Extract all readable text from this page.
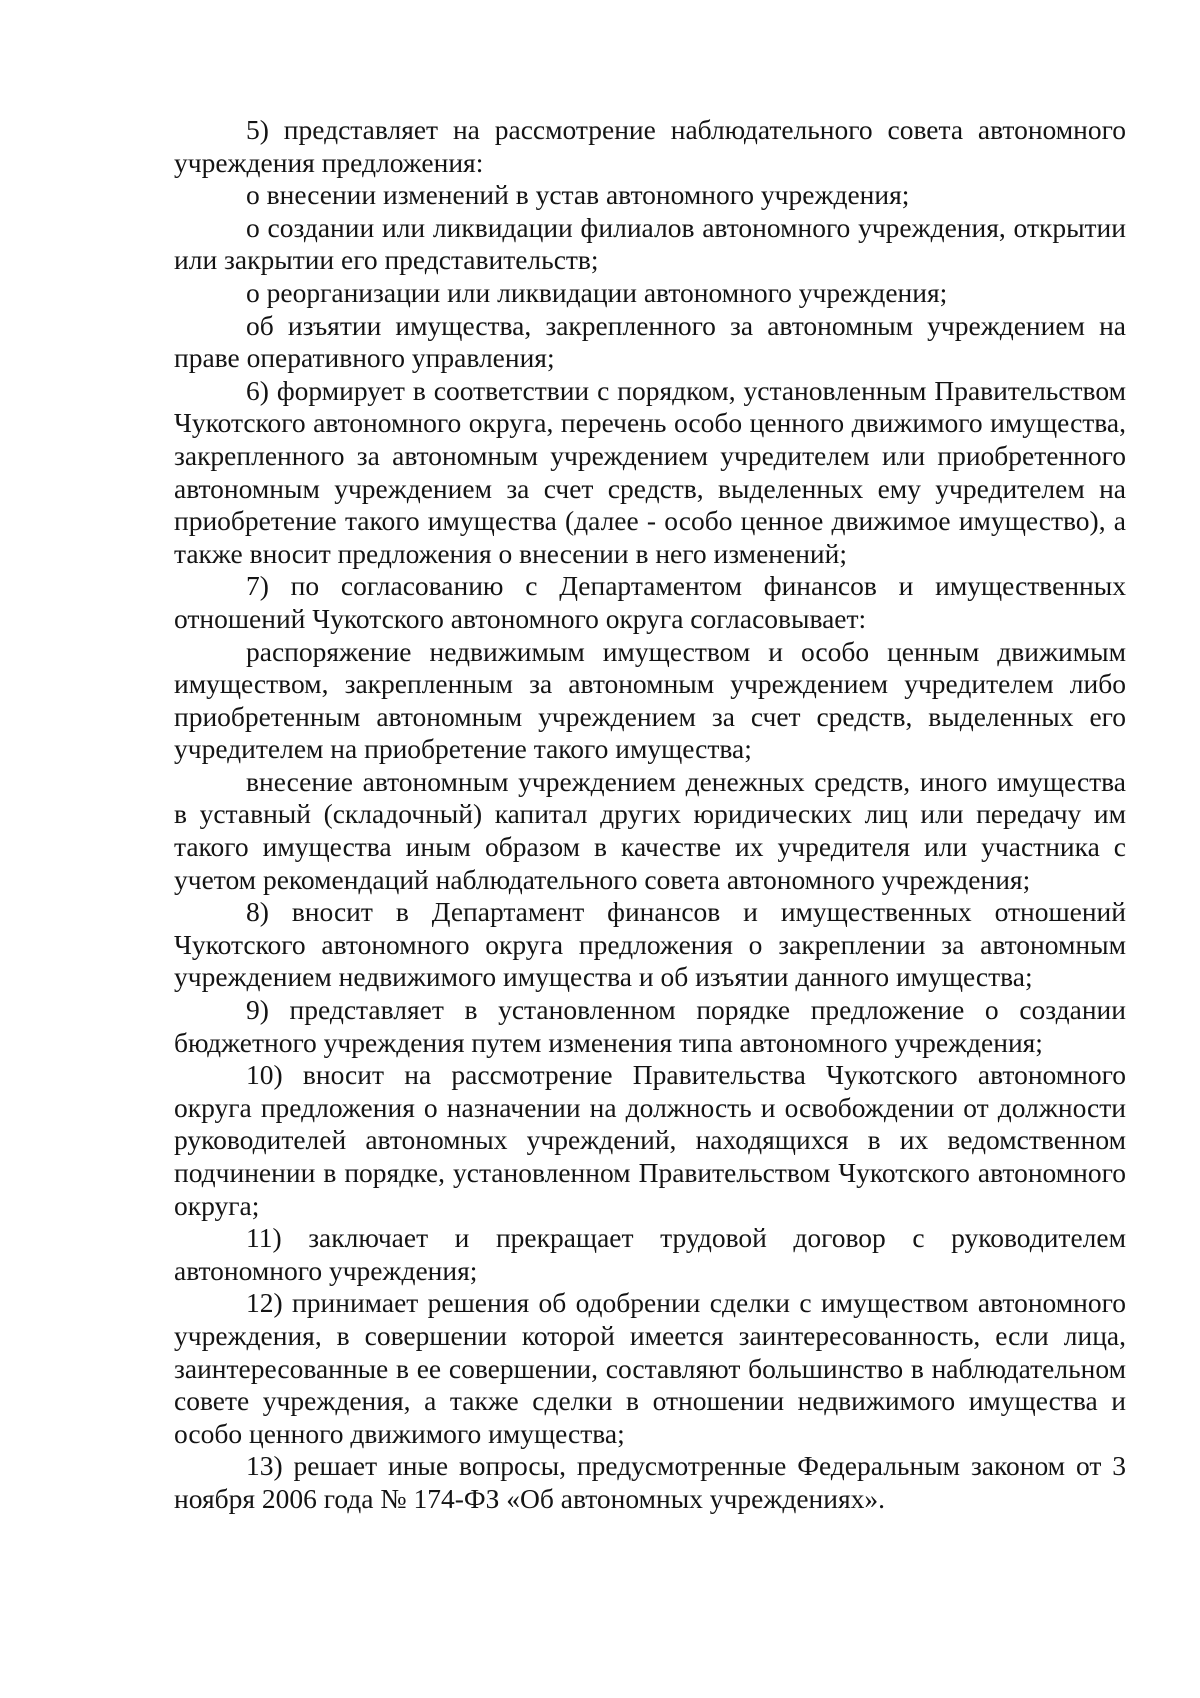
5) представляет на рассмотрение наблюдательного совета автономного учреждения предложения:

о внесении изменений в устав автономного учреждения;

о создании или ликвидации филиалов автономного учреждения, открытии или закрытии его представительств;

о реорганизации или ликвидации автономного учреждения;

об изъятии имущества, закрепленного за автономным учреждением на праве оперативного управления;

6) формирует в соответствии с порядком, установленным Правительством Чукотского автономного округа, перечень особо ценного движимого имущества, закрепленного за автономным учреждением учредителем или приобретенного автономным учреждением за счет средств, выделенных ему учредителем на приобретение такого имущества (далее - особо ценное движимое имущество), а также вносит предложения о внесении в него изменений;

7) по согласованию с Департаментом финансов и имущественных отношений Чукотского автономного округа согласовывает:

распоряжение недвижимым имуществом и особо ценным движимым имуществом, закрепленным за автономным учреждением учредителем либо приобретенным автономным учреждением за счет средств, выделенных его учредителем на приобретение такого имущества;

внесение автономным учреждением денежных средств, иного имущества в уставный (складочный) капитал других юридических лиц или передачу им такого имущества иным образом в качестве их учредителя или участника с учетом рекомендаций наблюдательного совета автономного учреждения;

8) вносит в Департамент финансов и имущественных отношений Чукотского автономного округа предложения о закреплении за автономным учреждением недвижимого имущества и об изъятии данного имущества;

9) представляет в установленном порядке предложение о создании бюджетного учреждения путем изменения типа автономного учреждения;

10) вносит на рассмотрение Правительства Чукотского автономного округа предложения о назначении на должность и освобождении от должности руководителей автономных учреждений, находящихся в их ведомственном подчинении в порядке, установленном Правительством Чукотского автономного округа;

11) заключает и прекращает трудовой договор с руководителем автономного учреждения;

12) принимает решения об одобрении сделки с имуществом автономного учреждения, в совершении которой имеется заинтересованность, если лица, заинтересованные в ее совершении, составляют большинство в наблюдательном совете учреждения, а также сделки в отношении недвижимого имущества и особо ценного движимого имущества;

13) решает иные вопросы, предусмотренные Федеральным законом от 3 ноября 2006 года № 174-ФЗ «Об автономных учреждениях».
